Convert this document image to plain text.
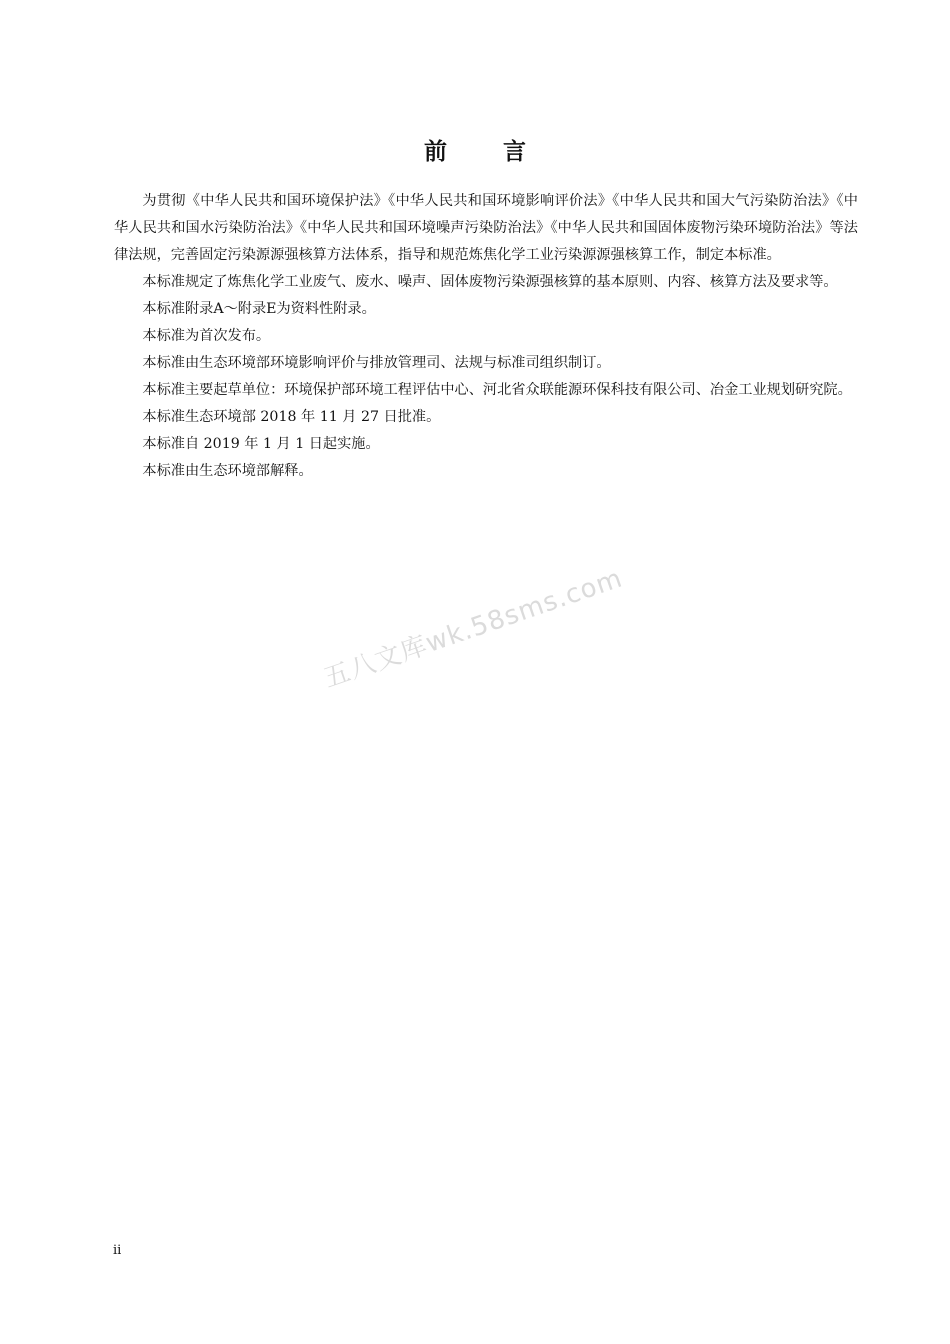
前 言

为贯彻《中华人民共和国环境保护法》《中华人民共和国环境影响评价法》《中华人民共和国大气污染防治法》《中华人民共和国水污染防治法》《中华人民共和国环境噪声污染防治法》《中华人民共和国固体废物污染环境防治法》等法律法规，完善固定污染源源强核算方法体系，指导和规范炼焦化学工业污染源源强核算工作，制定本标准。

本标准规定了炼焦化学工业废气、废水、噪声、固体废物污染源强核算的基本原则、内容、核算方法及要求等。

本标准附录A～附录E为资料性附录。

本标准为首次发布。

本标准由生态环境部环境影响评价与排放管理司、法规与标准司组织制订。

本标准主要起草单位：环境保护部环境工程评估中心、河北省众联能源环保科技有限公司、冶金工业规划研究院。

本标准生态环境部 2018 年 11 月 27 日批准。

本标准自 2019 年 1 月 1 日起实施。

本标准由生态环境部解释。

五八文库wk.58sms.com
ii
